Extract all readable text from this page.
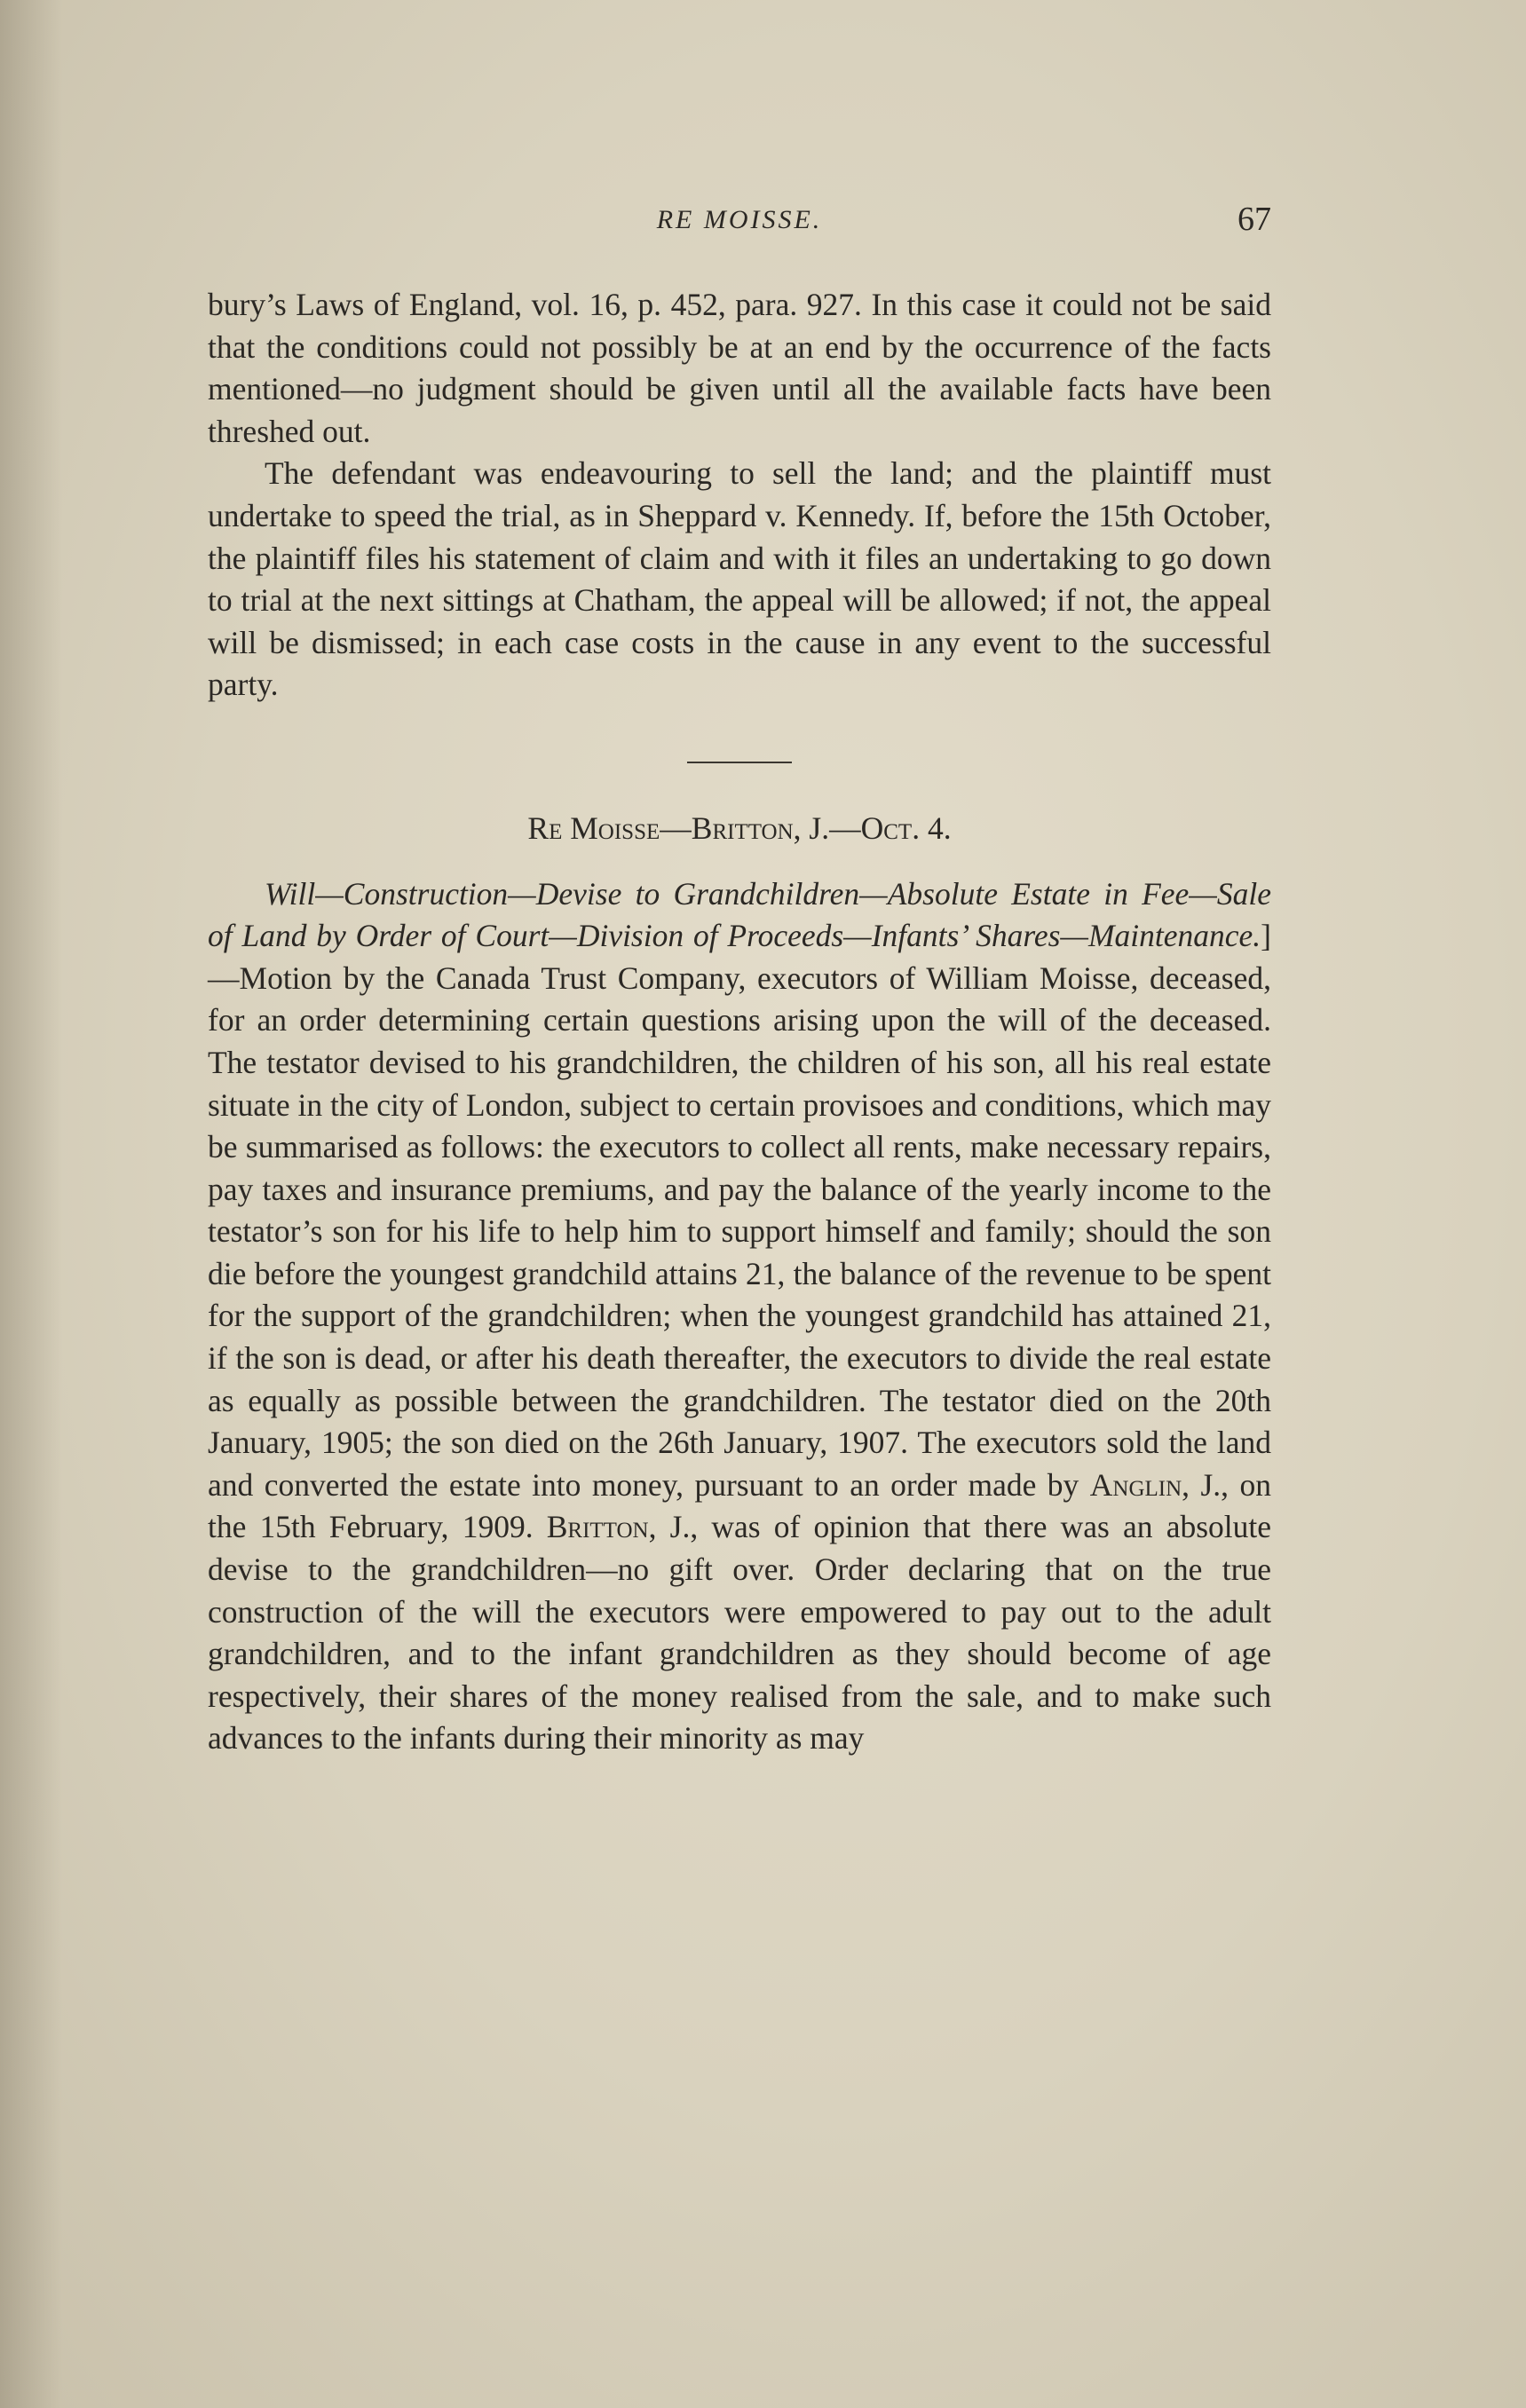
RE MOISSE.	67

bury’s Laws of England, vol. 16, p. 452, para. 927. In this case it could not be said that the conditions could not possibly be at an end by the occurrence of the facts mentioned—no judgment should be given until all the available facts have been threshed out.

The defendant was endeavouring to sell the land; and the plaintiff must undertake to speed the trial, as in Sheppard v. Kennedy. If, before the 15th October, the plaintiff files his statement of claim and with it files an undertaking to go down to trial at the next sittings at Chatham, the appeal will be allowed; if not, the appeal will be dismissed; in each case costs in the cause in any event to the successful party.

Re Moisse—Britton, J.—Oct. 4.

Will—Construction—Devise to Grandchildren—Absolute Estate in Fee—Sale of Land by Order of Court—Division of Proceeds—Infants’ Shares—Maintenance.]—Motion by the Canada Trust Company, executors of William Moisse, deceased, for an order determining certain questions arising upon the will of the deceased. The testator devised to his grandchildren, the children of his son, all his real estate situate in the city of London, subject to certain provisoes and conditions, which may be summarised as follows: the executors to collect all rents, make necessary repairs, pay taxes and insurance premiums, and pay the balance of the yearly income to the testator’s son for his life to help him to support himself and family; should the son die before the youngest grandchild attains 21, the balance of the revenue to be spent for the support of the grandchildren; when the youngest grandchild has attained 21, if the son is dead, or after his death thereafter, the executors to divide the real estate as equally as possible between the grandchildren. The testator died on the 20th January, 1905; the son died on the 26th January, 1907. The executors sold the land and converted the estate into money, pursuant to an order made by Anglin, J., on the 15th February, 1909. Britton, J., was of opinion that there was an absolute devise to the grandchildren—no gift over. Order declaring that on the true construction of the will the executors were empowered to pay out to the adult grandchildren, and to the infant grandchildren as they should become of age respectively, their shares of the money realised from the sale, and to make such advances to the infants during their minority as may
